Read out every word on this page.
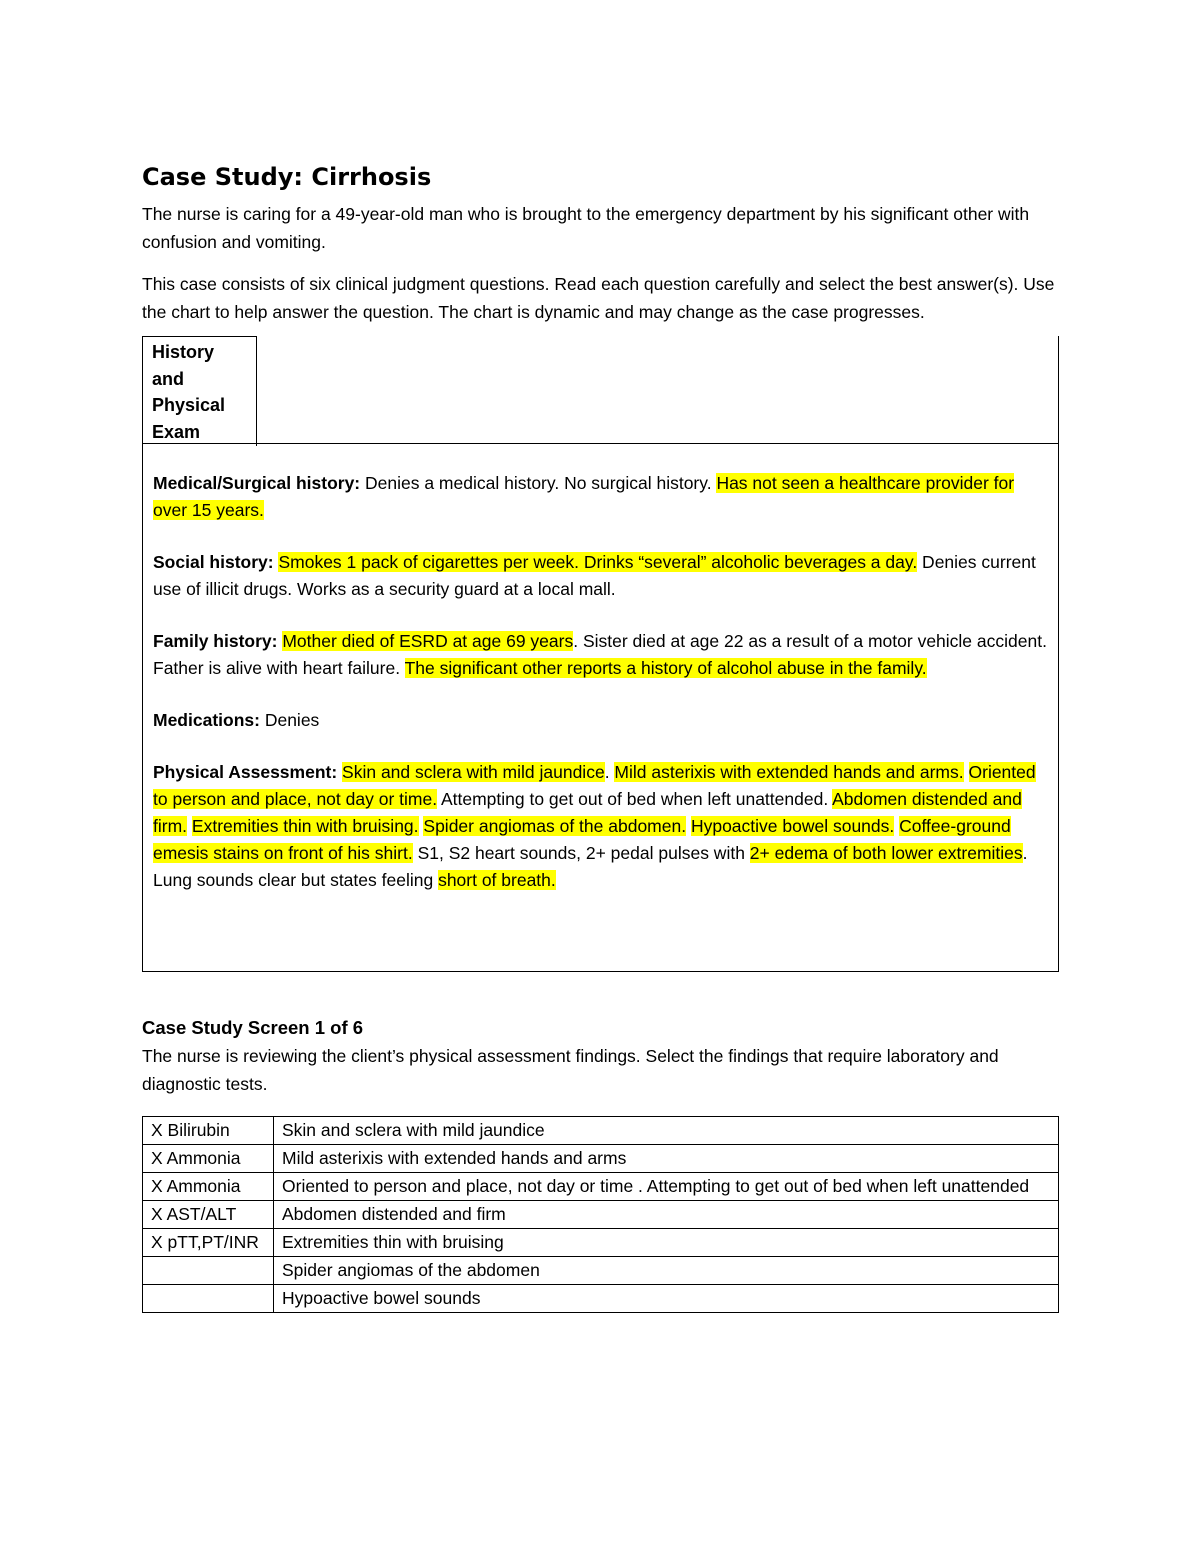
Case Study: Cirrhosis

The nurse is caring for a 49-year-old man who is brought to the emergency department by his significant other with confusion and vomiting.

This case consists of six clinical judgment questions. Read each question carefully and select the best answer(s). Use the chart to help answer the question. The chart is dynamic and may change as the case progresses.

History
and
Physical
Exam
Medical/Surgical history: Denies a medical history. No surgical history. Has not seen a healthcare provider for over 15 years.
Social history: Smokes 1 pack of cigarettes per week. Drinks “several” alcoholic beverages a day. Denies current use of illicit drugs. Works as a security guard at a local mall.
Family history: Mother died of ESRD at age 69 years. Sister died at age 22 as a result of a motor vehicle accident. Father is alive with heart failure. The significant other reports a history of alcohol abuse in the family.
Medications: Denies
Physical Assessment: Skin and sclera with mild jaundice. Mild asterixis with extended hands and arms. Oriented to person and place, not day or time. Attempting to get out of bed when left unattended. Abdomen distended and firm. Extremities thin with bruising. Spider angiomas of the abdomen. Hypoactive bowel sounds. Coffee-ground emesis stains on front of his shirt. S1, S2 heart sounds, 2+ pedal pulses with 2+ edema of both lower extremities. Lung sounds clear but states feeling short of breath.
Case Study Screen 1 of 6

The nurse is reviewing the client’s physical assessment findings. Select the findings that require laboratory and diagnostic tests.

X Bilirubin	Skin and sclera with mild jaundice
X Ammonia	Mild asterixis with extended hands and arms
X Ammonia	Oriented to person and place, not day or time . Attempting to get out of bed when left unattended
X AST/ALT	Abdomen distended and firm
X pTT,PT/INR	Extremities thin with bruising
	Spider angiomas of the abdomen
	Hypoactive bowel sounds
